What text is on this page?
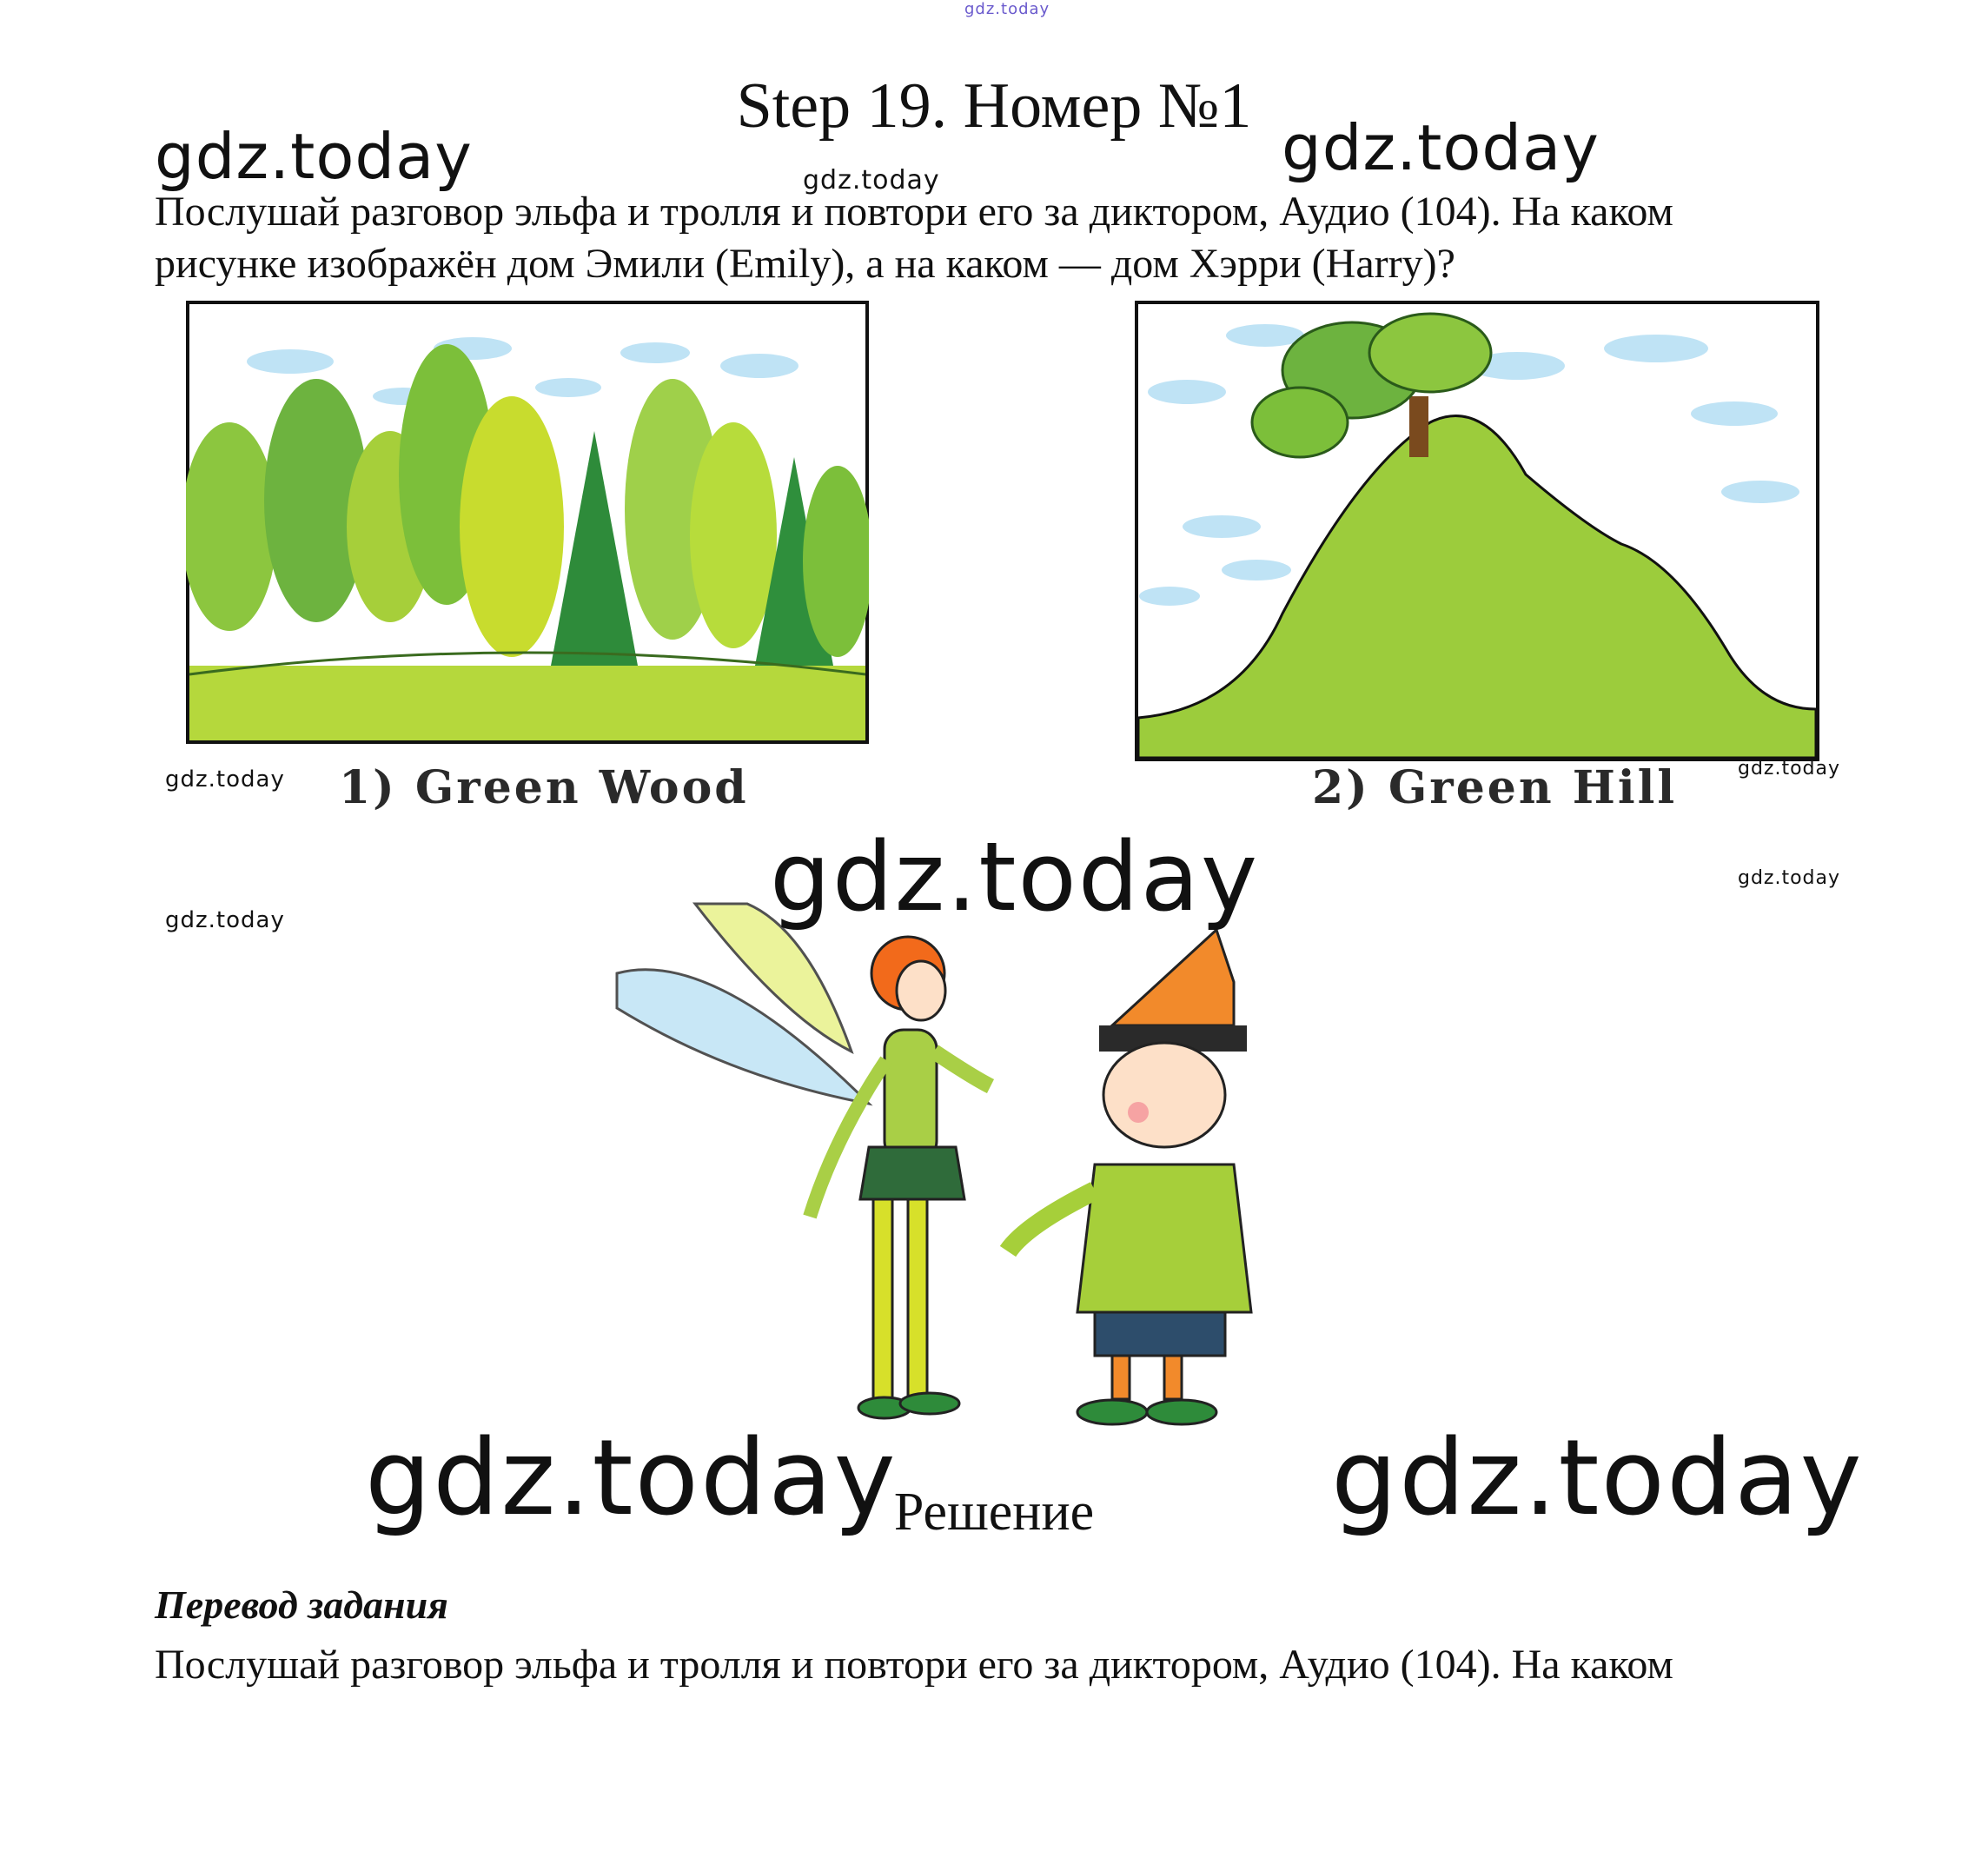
gdz.today
Step 19. Номер №1
gdz.today	gdz.today
gdz.today
Послушай разговор эльфа и тролля и повтори его за диктором, Аудио (104). На каком
рисунке изображён дом Эмили (Emily), а на каком — дом Хэрри (Harry)?
1) Green Wood	2) Green Hill
gdz.today	gdz.today
gdz.today
gdz.today
gdz.today
gdz.today	gdz.today
Решение
Перевод задания
Послушай разговор эльфа и тролля и повтори его за диктором, Аудио (104). На каком
